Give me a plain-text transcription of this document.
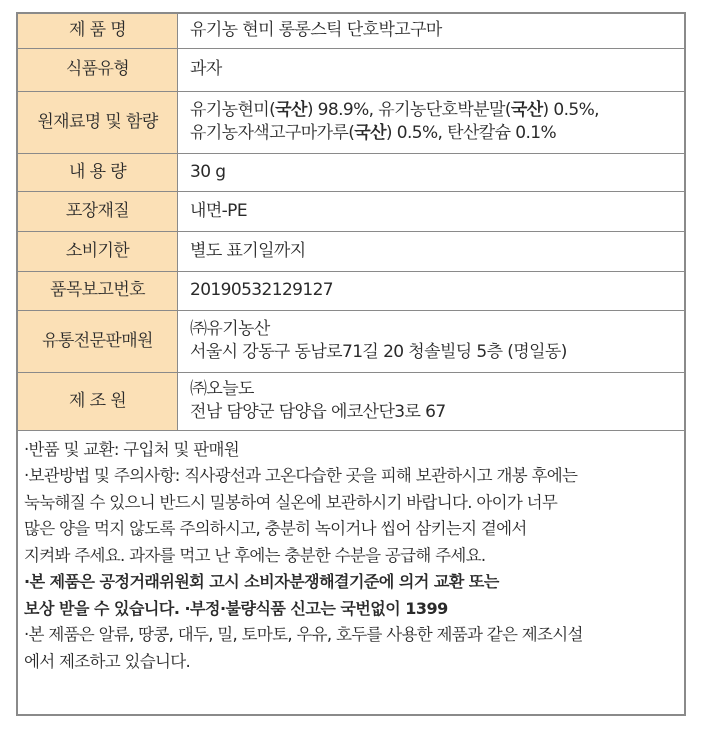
제 품 명	유기농 현미 롱롱스틱 단호박고구마
식품유형	과자
원재료명 및 함량	유기농현미(국산) 98.9%, 유기농단호박분말(국산) 0.5%,
유기농자색고구마가루(국산) 0.5%, 탄산칼슘 0.1%

내 용 량	30 g
포장재질	내면-PE
소비기한	별도 표기일까지
품목보고번호	20190532129127
유통전문판매원	㈜유기농산
서울시 강동구 동남로71길 20 청솔빌딩 5층 (명일동)

제 조 원	㈜오늘도
전남 담양군 담양읍 에코산단3로 67

·반품 및 교환: 구입처 및 판매원

·보관방법 및 주의사항: 직사광선과 고온다습한 곳을 피해 보관하시고 개봉 후에는
눅눅해질 수 있으니 반드시 밀봉하여 실온에 보관하시기 바랍니다. 아이가 너무
많은 양을 먹지 않도록 주의하시고, 충분히 녹이거나 씹어 삼키는지 곁에서
지켜봐 주세요. 과자를 먹고 난 후에는 충분한 수분을 공급해 주세요.

·본 제품은 공정거래위원회 고시 소비자분쟁해결기준에 의거 교환 또는
보상 받을 수 있습니다. ·부정·불량식품 신고는 국번없이 1399

·본 제품은 알류, 땅콩, 대두, 밀, 토마토, 우유, 호두를 사용한 제품과 같은 제조시설
에서 제조하고 있습니다.
